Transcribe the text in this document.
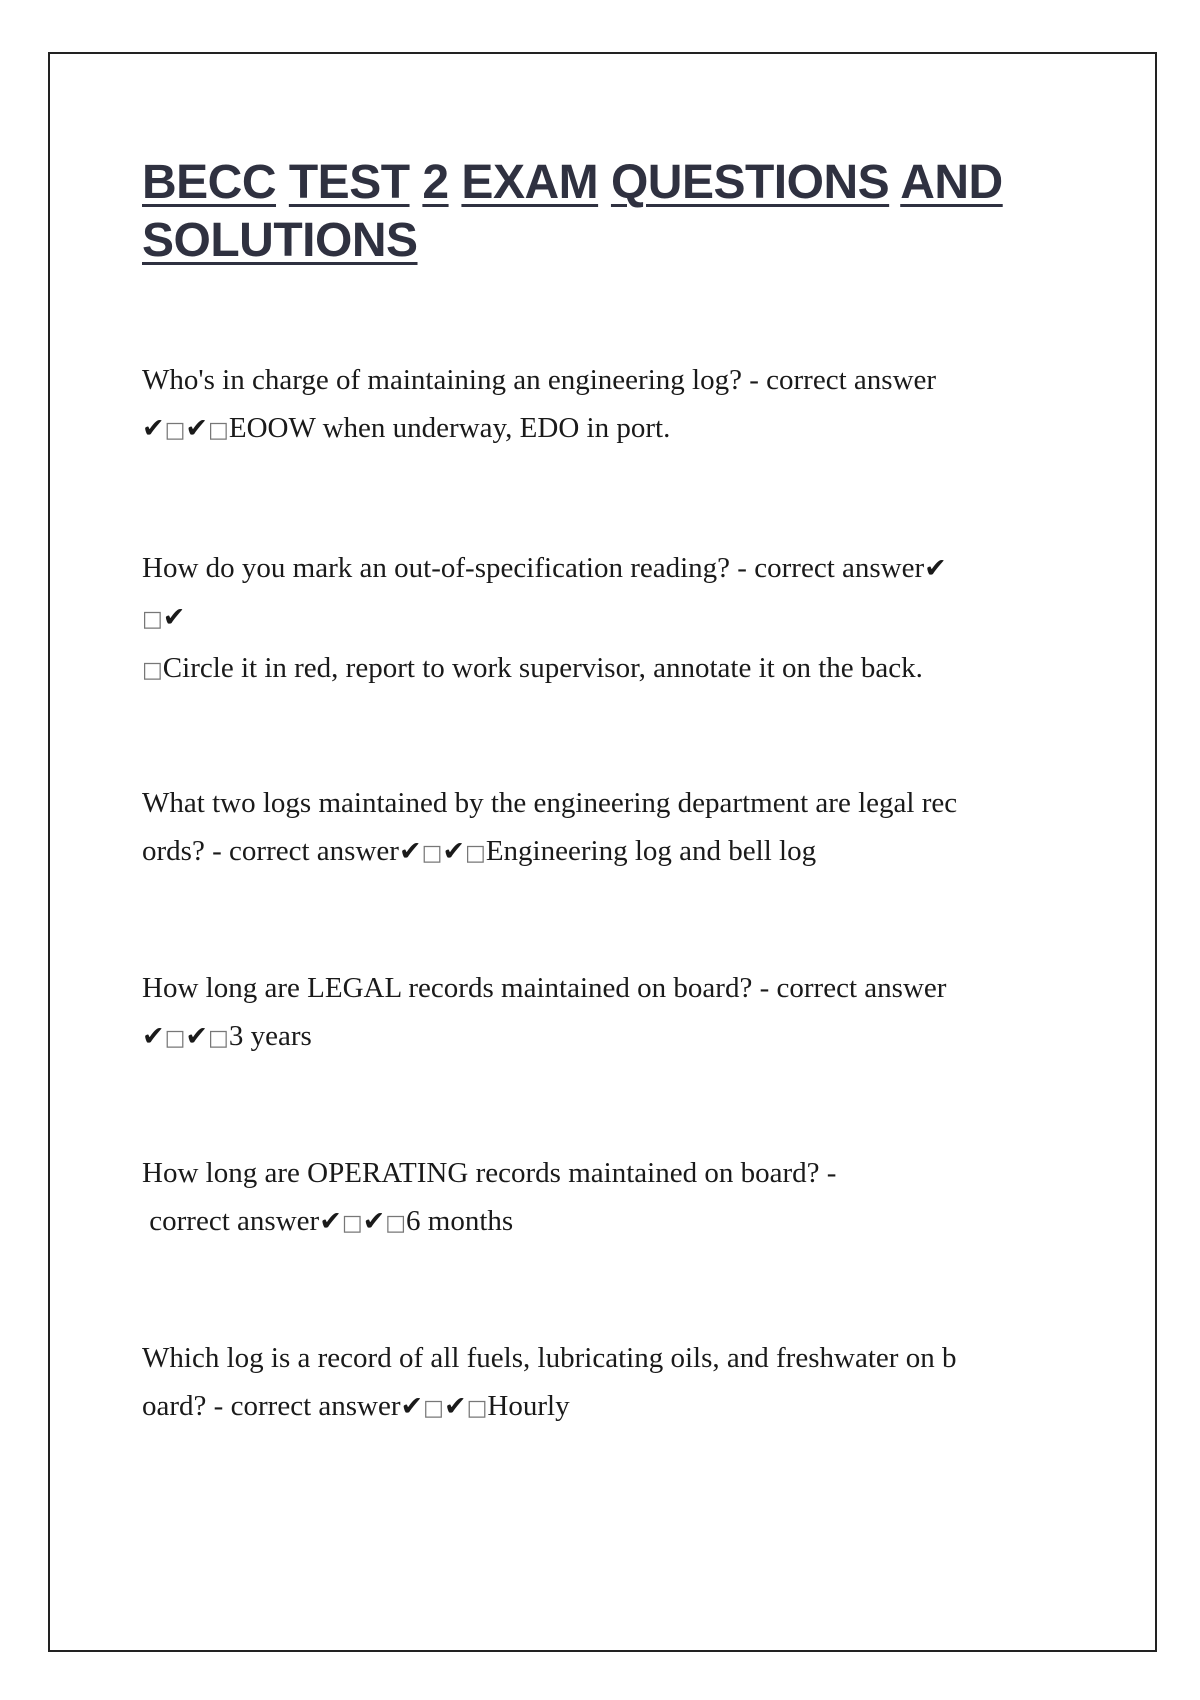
BECC TEST 2 EXAM QUESTIONS AND
SOLUTIONS

Who's in charge of maintaining an engineering log? - correct answer
✔□✔□EOOW when underway, EDO in port.

How do you mark an out-of-specification reading? - correct answer✔
□✔
□Circle it in red, report to work supervisor, annotate it on the back.

What two logs maintained by the engineering department are legal rec
ords? - correct answer✔□✔□Engineering log and bell log

How long are LEGAL records maintained on board? - correct answer
✔□✔□3 years

How long are OPERATING records maintained on board? -
correct answer✔□✔□6 months

Which log is a record of all fuels, lubricating oils, and freshwater on b
oard? - correct answer✔□✔□Hourly
